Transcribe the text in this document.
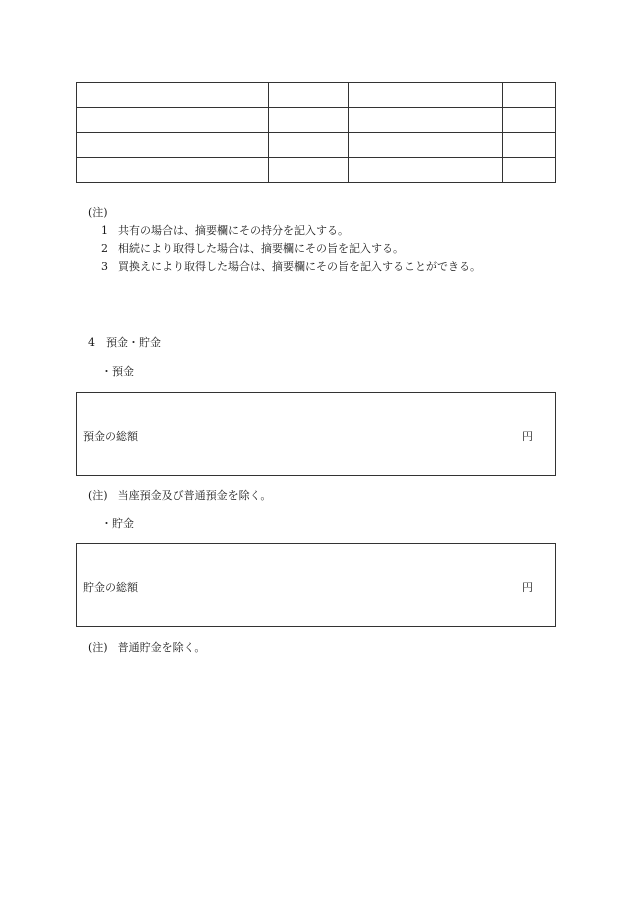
(注)
1 共有の場合は、摘要欄にその持分を記入する。
2 相続により取得した場合は、摘要欄にその旨を記入する。
3 買換えにより取得した場合は、摘要欄にその旨を記入することができる。
4　預金・貯金
・預金
預金の総額	円
(注) 当座預金及び普通預金を除く。
・貯金
貯金の総額	円
(注) 普通貯金を除く。
